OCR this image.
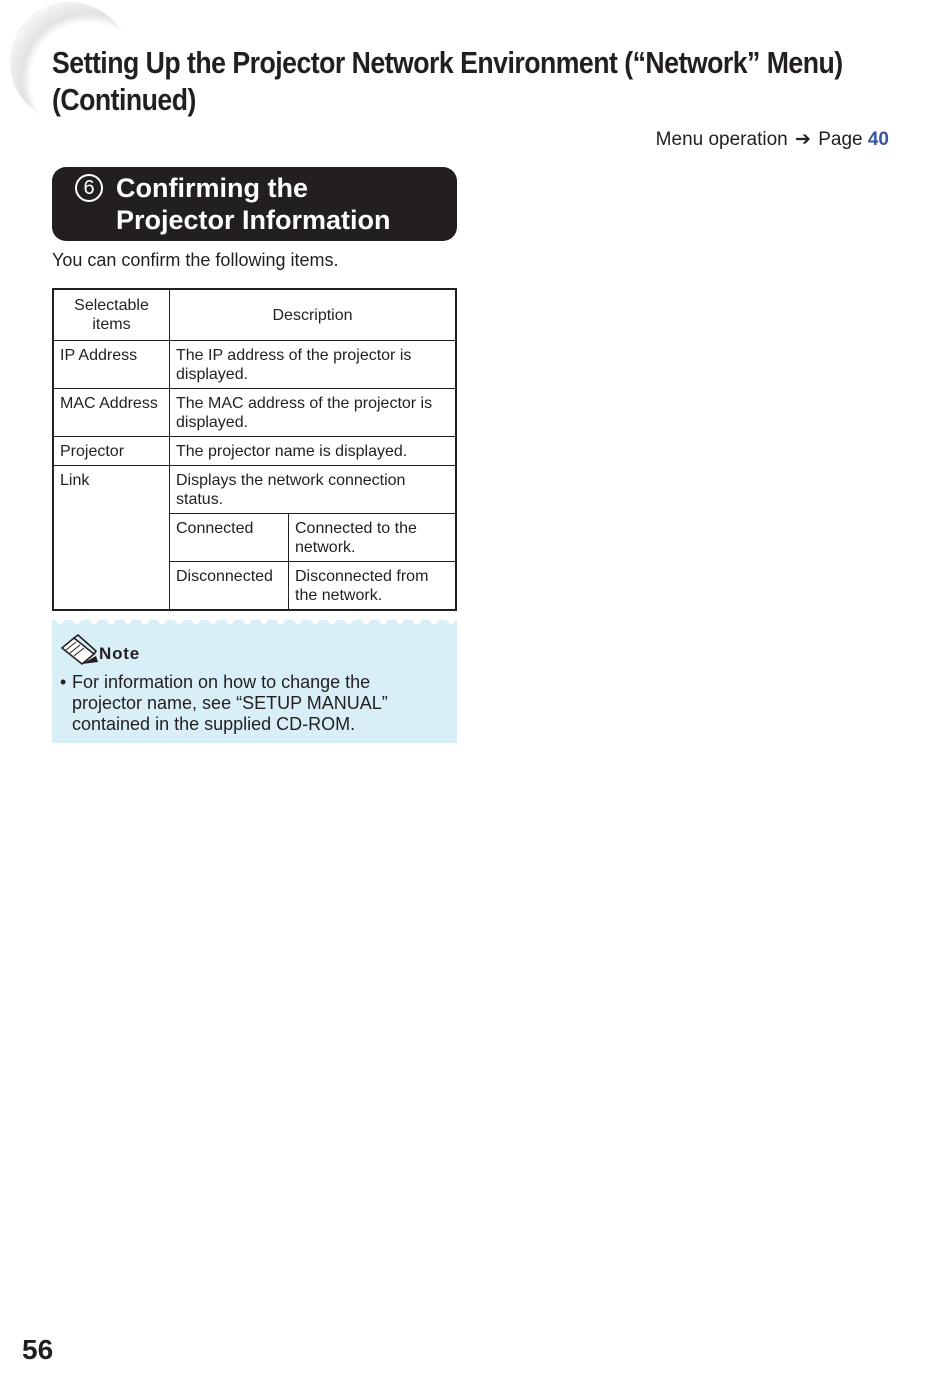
Setting Up the Projector Network Environment (“Network” Menu)
(Continued)
Menu operation ➔ Page 40
6 Confirming the
Projector Information
You can confirm the following items.
Selectable items	Description	
IP Address	The IP address of the projector is displayed.	
MAC Address	The MAC address of the projector is displayed.	
Projector	The projector name is displayed.	
Link	Displays the network connection status.	
	Connected	Connected to the network.
	Disconnected	Disconnected from the network.
Note
• For information on how to change the projector name, see “SETUP MANUAL” contained in the supplied CD-ROM.
56
